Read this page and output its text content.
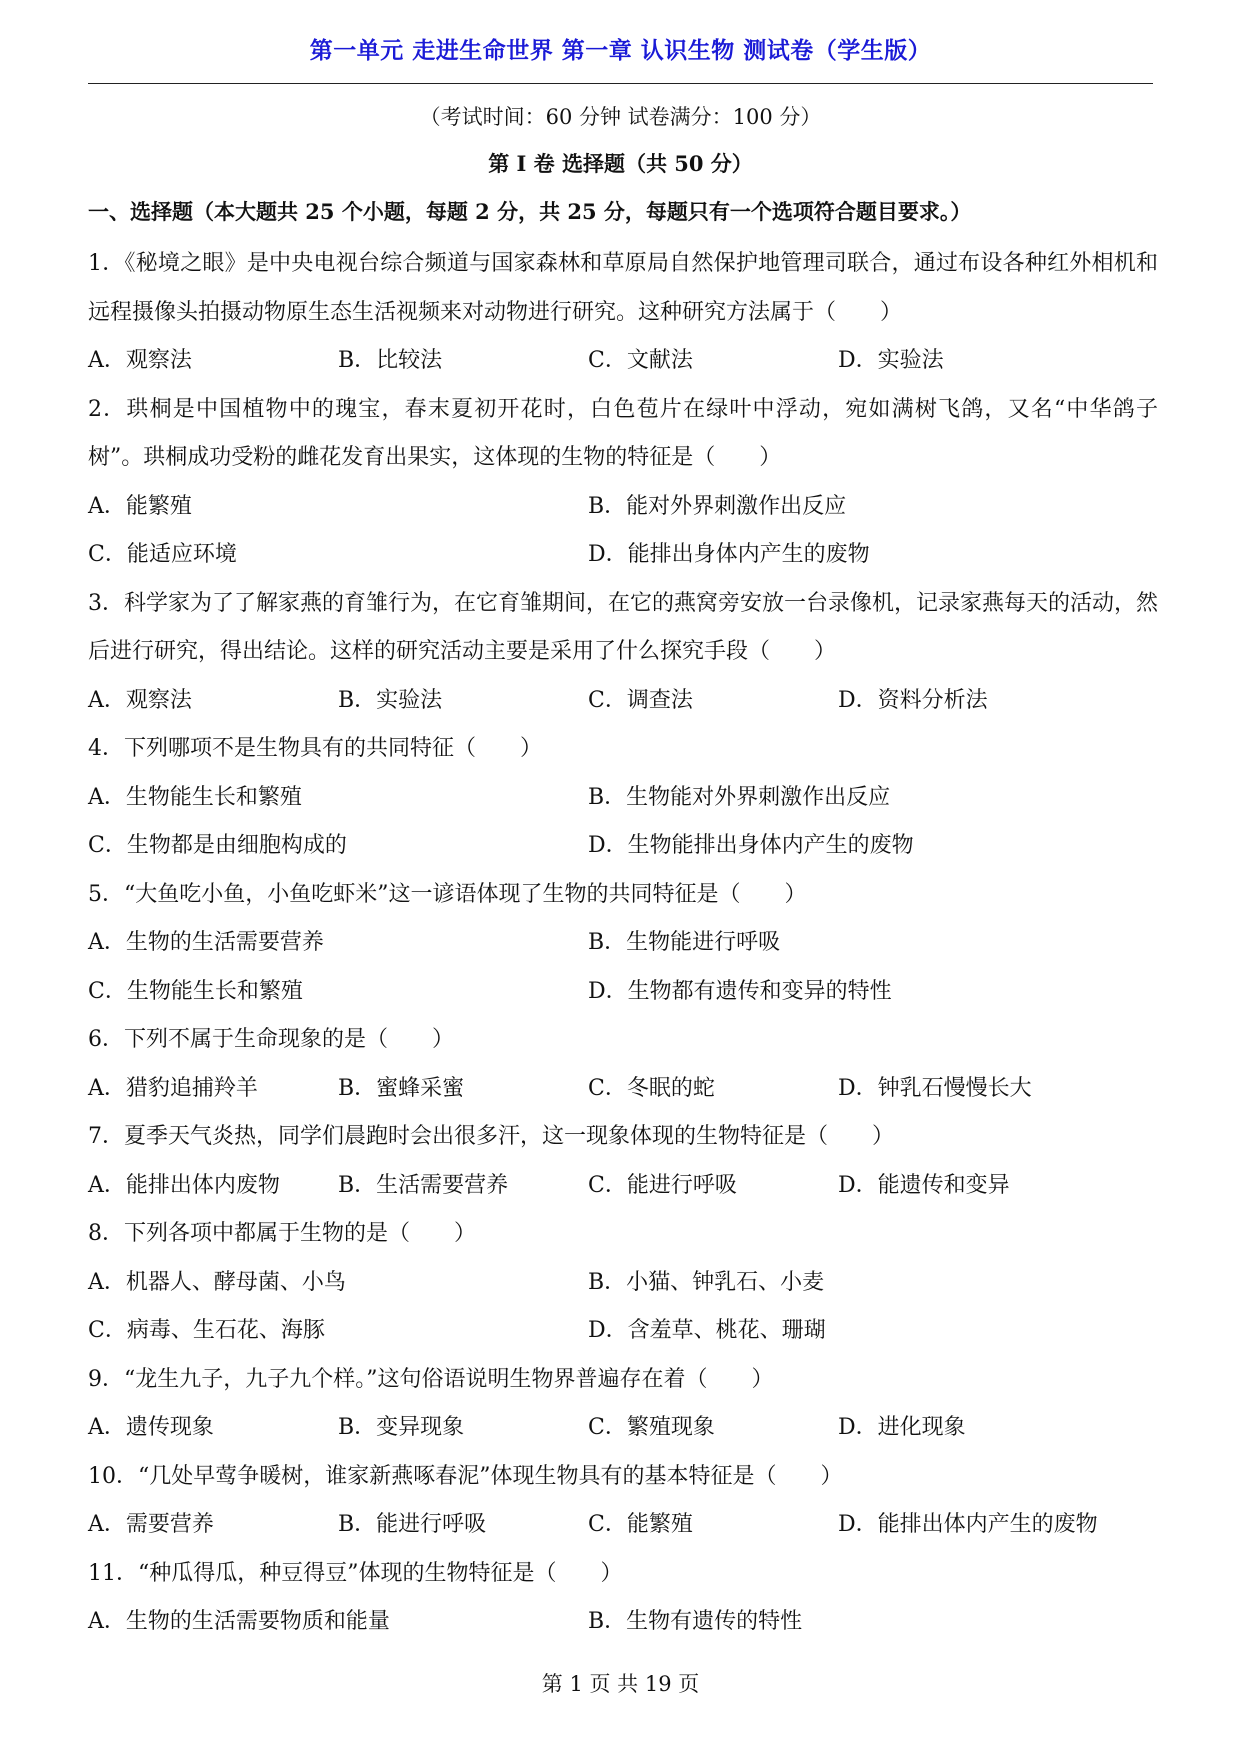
第一单元 走进生命世界 第一章 认识生物 测试卷（学生版）
（考试时间：60 分钟 试卷满分：100 分）
第 I 卷 选择题（共 50 分）
一、选择题（本大题共 25 个小题，每题 2 分，共 25 分，每题只有一个选项符合题目要求。）
1．《秘境之眼》是中央电视台综合频道与国家森林和草原局自然保护地管理司联合，通过布设各种红外相机和远程摄像头拍摄动物原生态生活视频来对动物进行研究。这种研究方法属于（　　）
A．观察法	B．比较法	C．文献法	D．实验法
2．珙桐是中国植物中的瑰宝，春末夏初开花时，白色苞片在绿叶中浮动，宛如满树飞鸽，又名“中华鸽子树”。珙桐成功受粉的雌花发育出果实，这体现的生物的特征是（　　）
A．能繁殖	B．能对外界刺激作出反应
C．能适应环境	D．能排出身体内产生的废物
3．科学家为了了解家燕的育雏行为，在它育雏期间，在它的燕窝旁安放一台录像机，记录家燕每天的活动，然后进行研究，得出结论。这样的研究活动主要是采用了什么探究手段（　　）
A．观察法	B．实验法	C．调查法	D．资料分析法
4．下列哪项不是生物具有的共同特征（　　）
A．生物能生长和繁殖	B．生物能对外界刺激作出反应
C．生物都是由细胞构成的	D．生物能排出身体内产生的废物
5．“大鱼吃小鱼，小鱼吃虾米”这一谚语体现了生物的共同特征是（　　）
A．生物的生活需要营养	B．生物能进行呼吸
C．生物能生长和繁殖	D．生物都有遗传和变异的特性
6．下列不属于生命现象的是（　　）
A．猎豹追捕羚羊	B．蜜蜂采蜜	C．冬眠的蛇	D．钟乳石慢慢长大
7．夏季天气炎热，同学们晨跑时会出很多汗，这一现象体现的生物特征是（　　）
A．能排出体内废物	B．生活需要营养	C．能进行呼吸	D．能遗传和变异
8．下列各项中都属于生物的是（　　）
A．机器人、酵母菌、小鸟	B．小猫、钟乳石、小麦
C．病毒、生石花、海豚	D．含羞草、桃花、珊瑚
9．“龙生九子，九子九个样。”这句俗语说明生物界普遍存在着（　　）
A．遗传现象	B．变异现象	C．繁殖现象	D．进化现象
10．“几处早莺争暖树，谁家新燕啄春泥”体现生物具有的基本特征是（　　）
A．需要营养	B．能进行呼吸	C．能繁殖	D．能排出体内产生的废物
11．“种瓜得瓜，种豆得豆”体现的生物特征是（　　）
A．生物的生活需要物质和能量	B．生物有遗传的特性
第 1 页 共 19 页
